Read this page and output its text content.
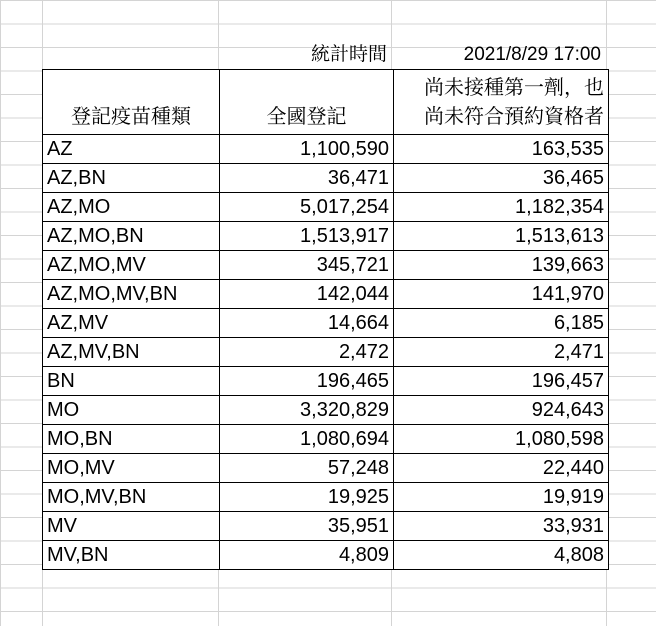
統計時間	2021/8/29 17:00
登記疫苗種類	全國登記	尚未接種第一劑，也
尚未符合預約資格者

AZ	1,100,590	163,535
AZ,BN	36,471	36,465
AZ,MO	5,017,254	1,182,354
AZ,MO,BN	1,513,917	1,513,613
AZ,MO,MV	345,721	139,663
AZ,MO,MV,BN	142,044	141,970
AZ,MV	14,664	6,185
AZ,MV,BN	2,472	2,471
BN	196,465	196,457
MO	3,320,829	924,643
MO,BN	1,080,694	1,080,598
MO,MV	57,248	22,440
MO,MV,BN	19,925	19,919
MV	35,951	33,931
MV,BN	4,809	4,808
